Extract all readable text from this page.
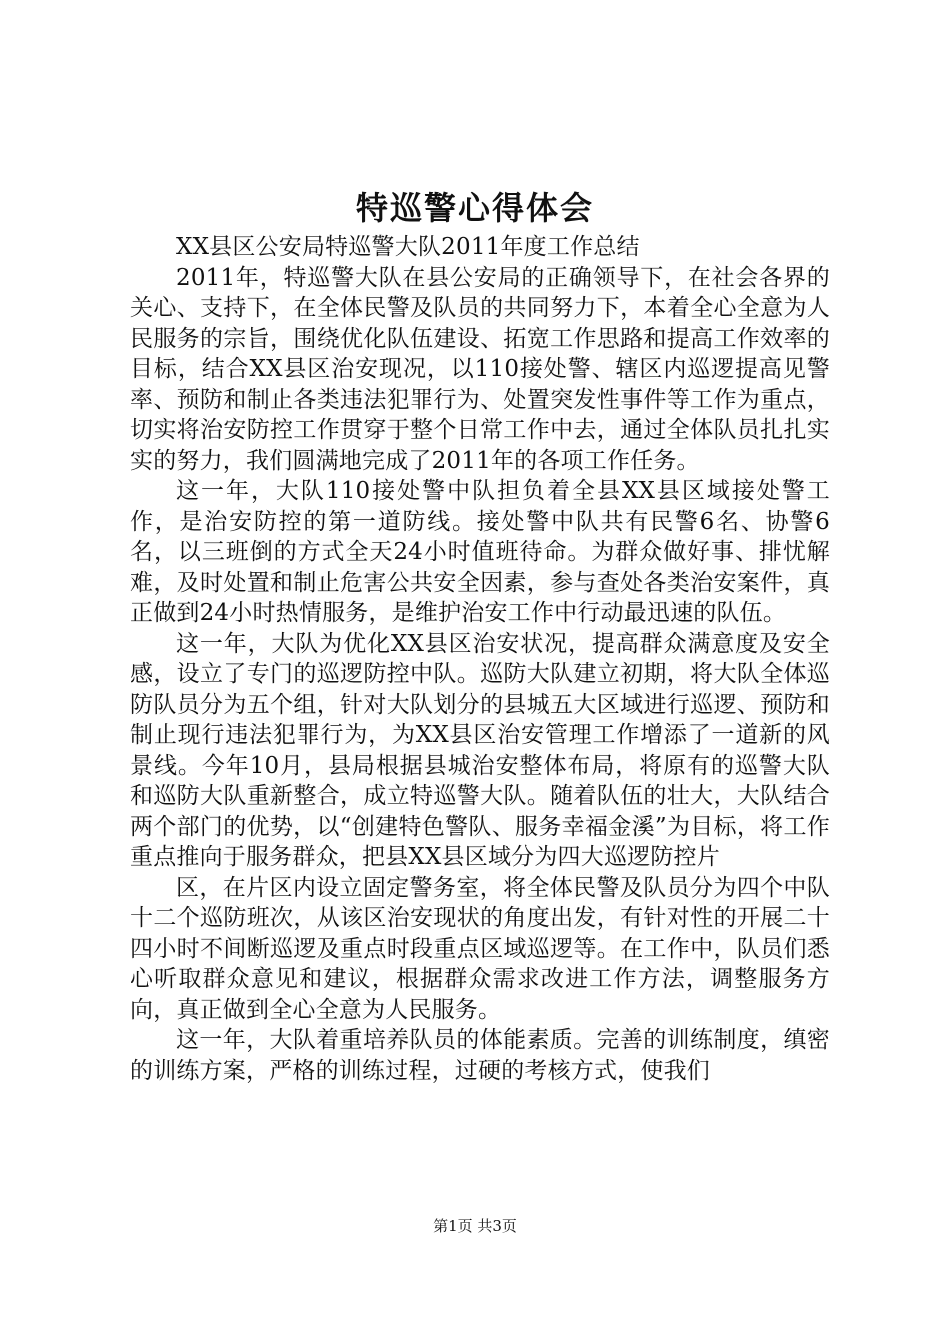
特巡警心得体会

XX县区公安局特巡警大队2011年度工作总结

2011年，特巡警大队在县公安局的正确领导下，在社会各界的关心、支持下，在全体民警及队员的共同努力下，本着全心全意为人民服务的宗旨，围绕优化队伍建设、拓宽工作思路和提高工作效率的目标，结合XX县区治安现况，以110接处警、辖区内巡逻提高见警率、预防和制止各类违法犯罪行为、处置突发性事件等工作为重点，切实将治安防控工作贯穿于整个日常工作中去，通过全体队员扎扎实实的努力，我们圆满地完成了2011年的各项工作任务。

这一年，大队110接处警中队担负着全县XX县区域接处警工作，是治安防控的第一道防线。接处警中队共有民警6名、协警6名，以三班倒的方式全天24小时值班待命。为群众做好事、排忧解难，及时处置和制止危害公共安全因素，参与查处各类治安案件，真正做到24小时热情服务，是维护治安工作中行动最迅速的队伍。

这一年，大队为优化XX县区治安状况，提高群众满意度及安全感，设立了专门的巡逻防控中队。巡防大队建立初期，将大队全体巡防队员分为五个组，针对大队划分的县城五大区域进行巡逻、预防和制止现行违法犯罪行为，为XX县区治安管理工作增添了一道新的风景线。今年10月，县局根据县城治安整体布局，将原有的巡警大队和巡防大队重新整合，成立特巡警大队。随着队伍的壮大，大队结合两个部门的优势，以“创建特色警队、服务幸福金溪”为目标，将工作重点推向于服务群众，把县XX县区域分为四大巡逻防控片

区，在片区内设立固定警务室，将全体民警及队员分为四个中队十二个巡防班次，从该区治安现状的角度出发，有针对性的开展二十四小时不间断巡逻及重点时段重点区域巡逻等。在工作中，队员们悉心听取群众意见和建议，根据群众需求改进工作方法，调整服务方向，真正做到全心全意为人民服务。

这一年，大队着重培养队员的体能素质。完善的训练制度，缜密的训练方案，严格的训练过程，过硬的考核方式，使我们

第1页 共3页
